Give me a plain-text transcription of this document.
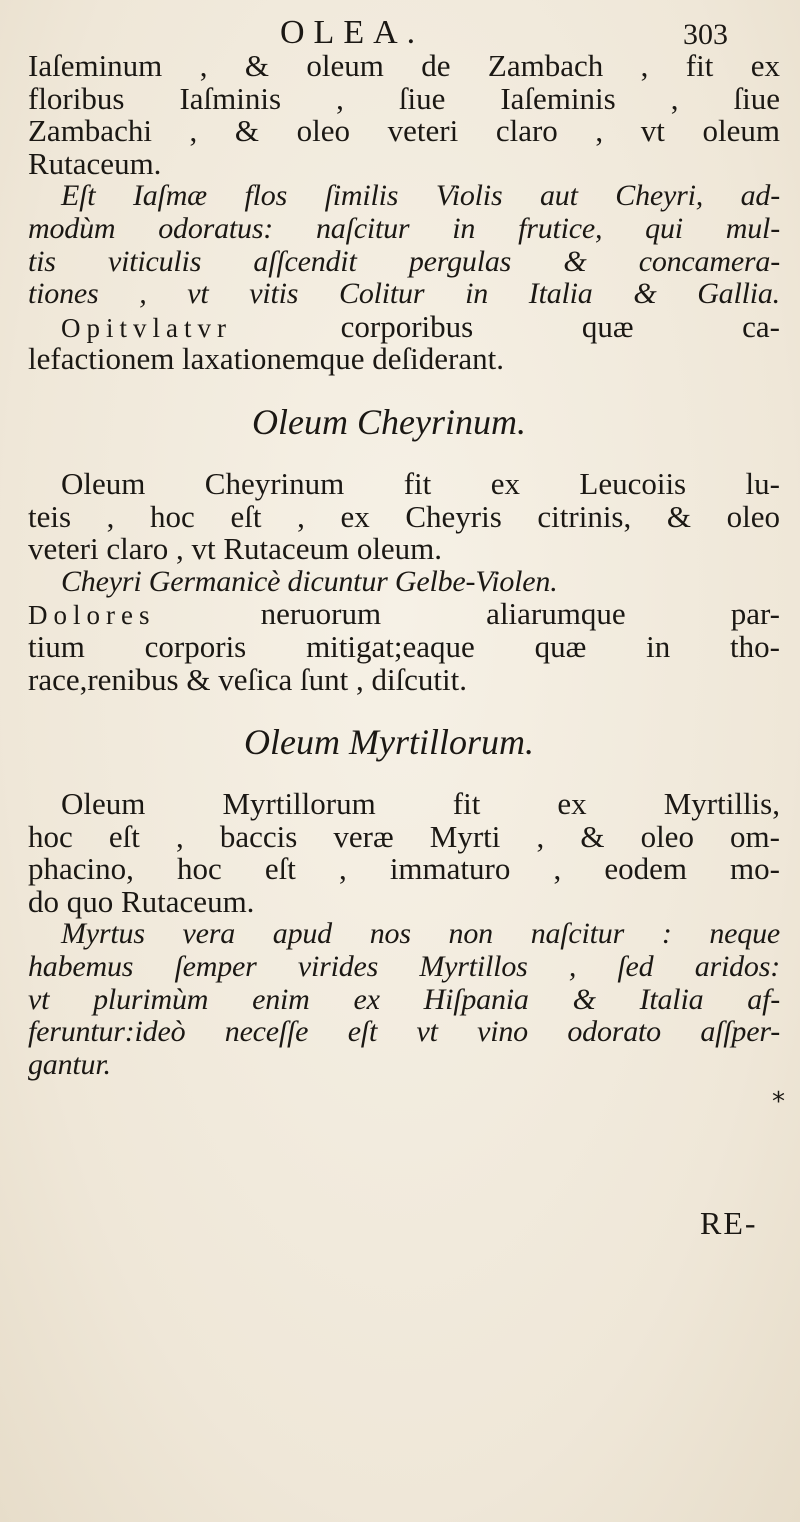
OLEA.	303
Iaſeminum , & oleum de Zambach , fit ex
floribus Iaſminis , ſiue Iaſeminis , ſiue
Zambachi , & oleo veteri claro , vt oleum
Rutaceum.
Eſt Iaſmæ flos ſimilis Violis aut Cheyri, ad-
modùm odoratus: naſcitur in frutice, qui mul-
tis viticulis aſſcendit pergulas & concamera-
tiones , vt vitis Colitur in Italia & Gallia.
Opitvlatvr	corporibus quæ ca-
lefactionem laxationemque deſiderant.
Oleum Cheyrinum.
Oleum Cheyrinum fit ex Leucoiis lu-
teis , hoc eſt , ex Cheyris citrinis, & oleo
veteri claro , vt Rutaceum oleum.
Cheyri Germanicè dicuntur Gelbe-Violen.
Dolores	neruorum aliarumque par-
tium corporis mitigat;eaque quæ in tho-
race,renibus & veſica ſunt , diſcutit.
Oleum Myrtillorum.
Oleum Myrtillorum fit ex Myrtillis,
hoc eſt , baccis veræ Myrti , & oleo om-
phacino, hoc eſt , immaturo , eodem mo-
do quo Rutaceum.
Myrtus vera apud nos non naſcitur : neque
habemus ſemper virides Myrtillos , ſed aridos:
vt plurimùm enim ex Hiſpania & Italia af-
feruntur:ideò neceſſe eſt vt vino odorato aſſper-
gantur.
*
RE-
